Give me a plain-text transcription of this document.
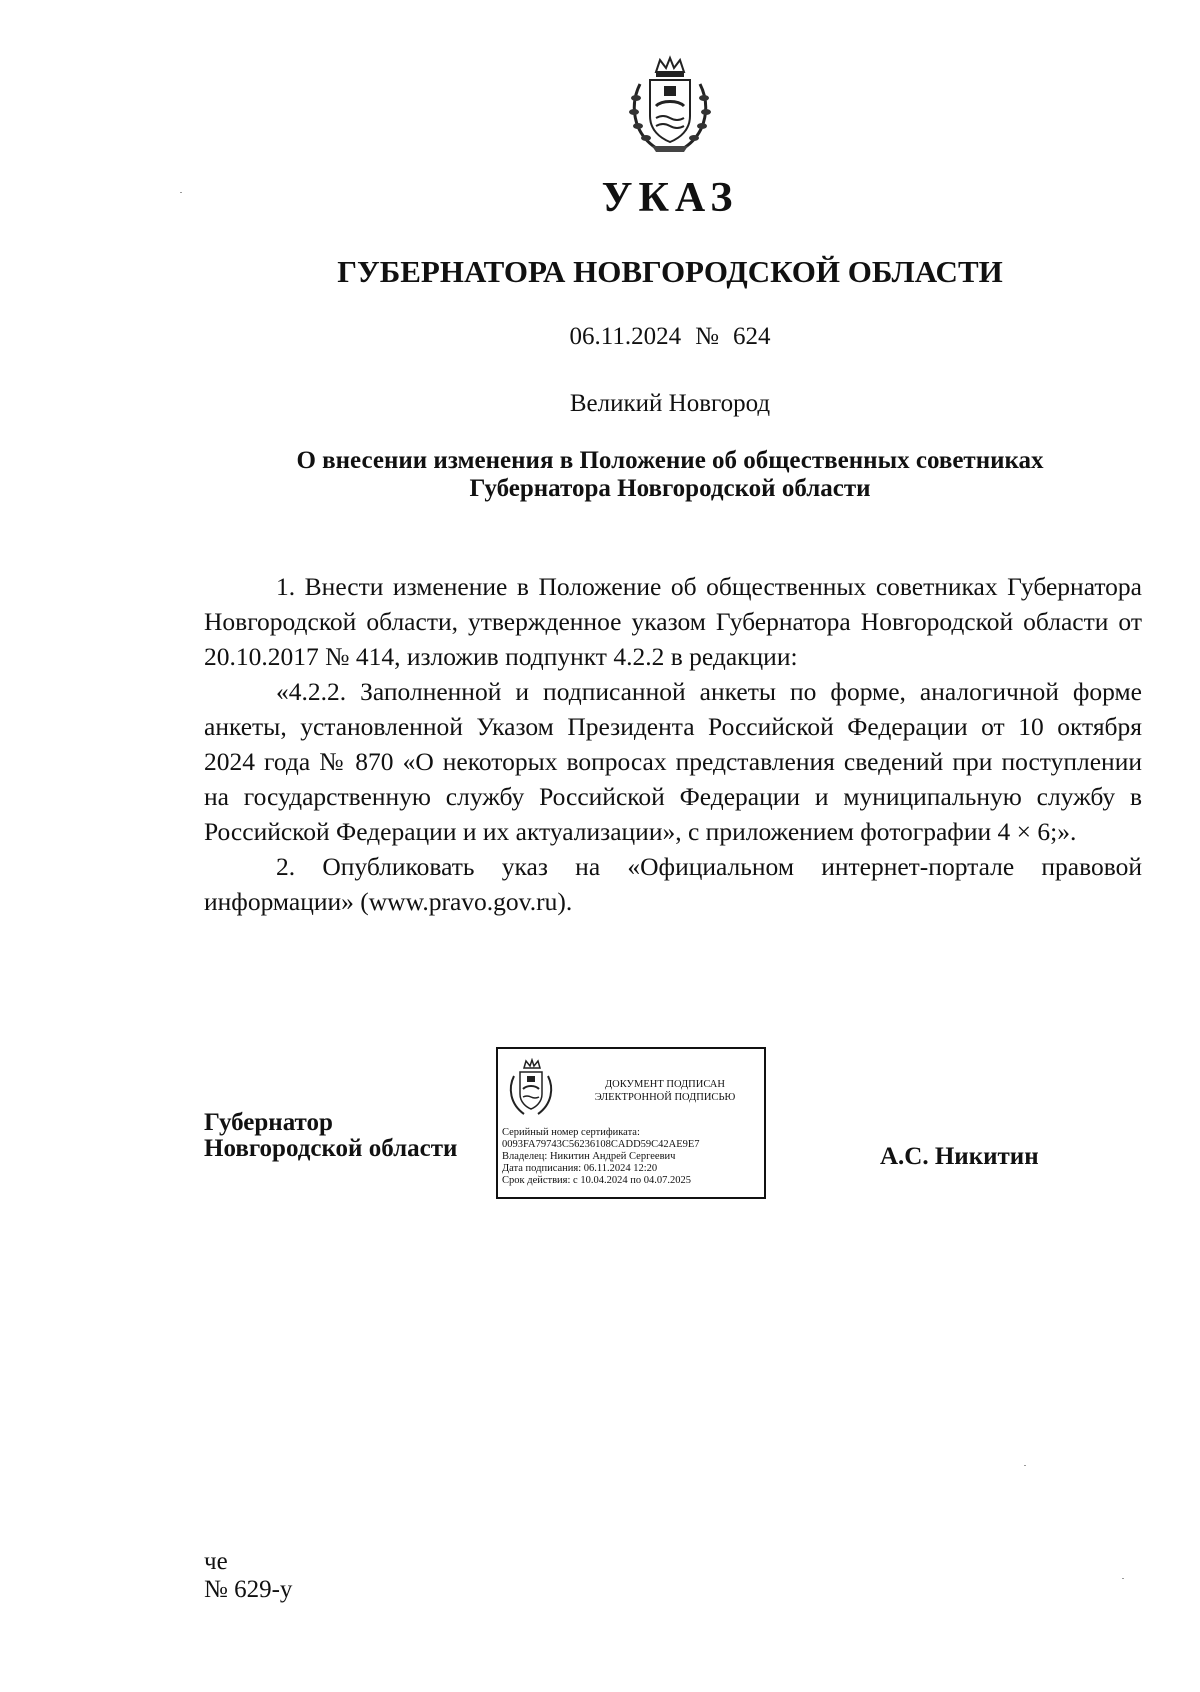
УКАЗ
ГУБЕРНАТОРА НОВГОРОДСКОЙ ОБЛАСТИ
06.11.2024 № 624
Великий Новгород
О внесении изменения в Положение об общественных советниках
Губернатора Новгородской области

1. Внести изменение в Положение об общественных советниках Губернатора Новгородской области, утвержденное указом Губернатора Новгородской области от 20.10.2017 № 414, изложив подпункт 4.2.2 в редакции:

«4.2.2. Заполненной и подписанной анкеты по форме, аналогичной форме анкеты, установленной Указом Президента Российской Федерации от 10 октября 2024 года № 870 «О некоторых вопросах представления сведений при поступлении на государственную службу Российской Федерации и муниципальную службу в Российской Федерации и их актуализации», с приложением фотографии 4 × 6;».

2. Опубликовать указ на «Официальном интернет-портале правовой информации» (www.pravo.gov.ru).

Губернатор
Новгородской области
ДОКУМЕНТ ПОДПИСАН
ЭЛЕКТРОННОЙ ПОДПИСЬЮ
Серийный номер сертификата:
0093FA79743C56236108CADD59C42AE9E7
Владелец: Никитин Андрей Сергеевич
Дата подписания: 06.11.2024 12:20
Срок действия: с 10.04.2024 по 04.07.2025
А.С. Никитин
че
№ 629-у
